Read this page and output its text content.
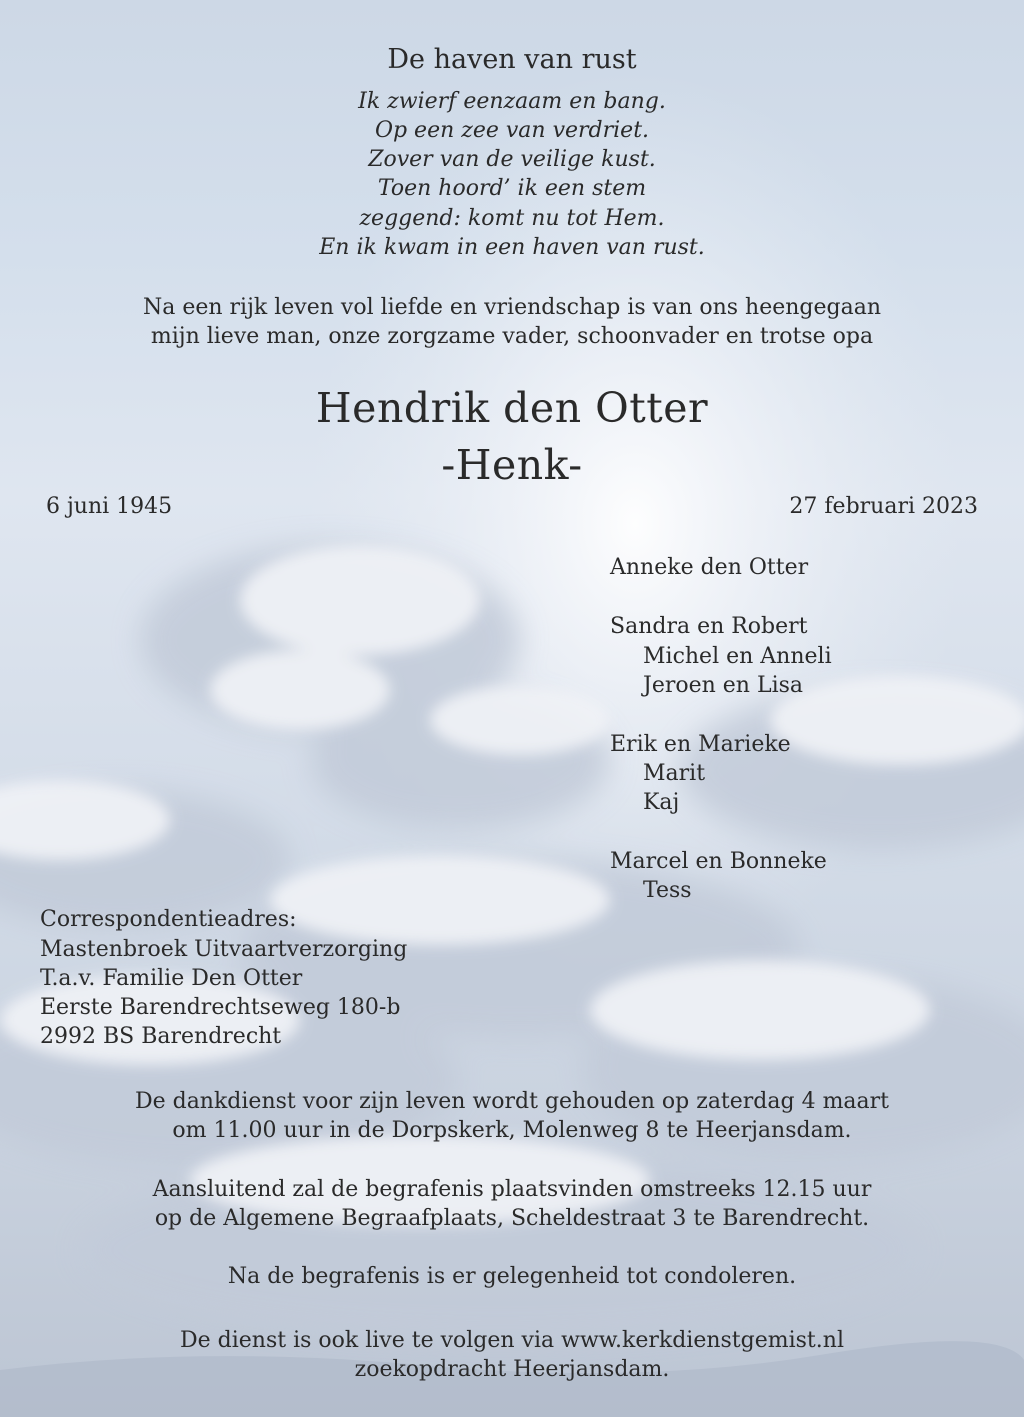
De haven van rust
Ik zwierf eenzaam en bang.
Op een zee van verdriet.
Zover van de veilige kust.
Toen hoord’ ik een stem
zeggend: komt nu tot Hem.
En ik kwam in een haven van rust.
Na een rijk leven vol liefde en vriendschap is van ons heengegaan
mijn lieve man, onze zorgzame vader, schoonvader en trotse opa
Hendrik den Otter
-Henk-
6 juni 1945	27 februari 2023
Anneke den Otter
Sandra en Robert
Michel en Anneli
Jeroen en Lisa
Erik en Marieke
Marit
Kaj
Marcel en Bonneke
Tess
Correspondentieadres:
Mastenbroek Uitvaartverzorging
T.a.v. Familie Den Otter
Eerste Barendrechtseweg 180-b
2992 BS Barendrecht
De dankdienst voor zijn leven wordt gehouden op zaterdag 4 maart
om 11.00 uur in de Dorpskerk, Molenweg 8 te Heerjansdam.
Aansluitend zal de begrafenis plaatsvinden omstreeks 12.15 uur
op de Algemene Begraafplaats, Scheldestraat 3 te Barendrecht.
Na de begrafenis is er gelegenheid tot condoleren.
De dienst is ook live te volgen via www.kerkdienstgemist.nl
zoekopdracht Heerjansdam.
